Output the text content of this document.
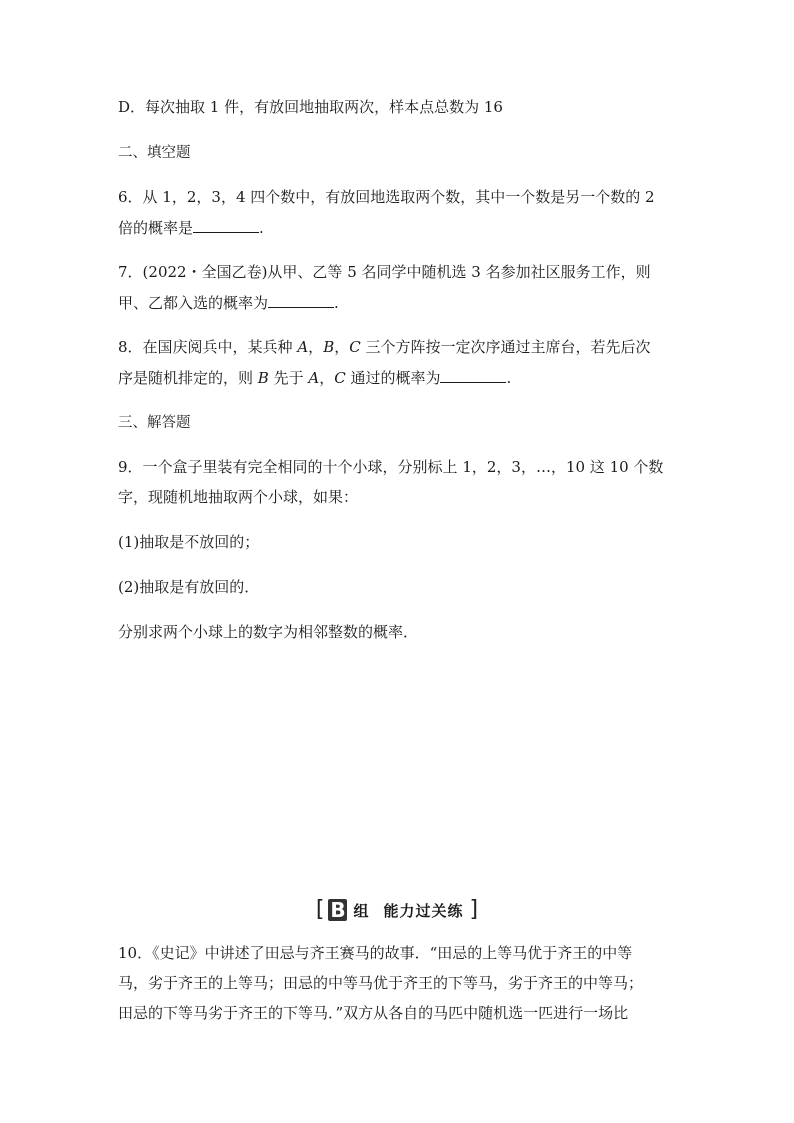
D．每次抽取 1 件，有放回地抽取两次，样本点总数为 16
二、填空题
6．从 1，2，3，4 四个数中，有放回地选取两个数，其中一个数是另一个数的 2
倍的概率是	.
7．(2022・全国乙卷)从甲、乙等 5 名同学中随机选 3 名参加社区服务工作，则
甲、乙都入选的概率为	.
8．在国庆阅兵中，某兵种 A，B，C 三个方阵按一定次序通过主席台，若先后次
序是随机排定的，则 B 先于 A，C 通过的概率为	.
三、解答题
9．一个盒子里装有完全相同的十个小球，分别标上 1，2，3，…，10 这 10 个数
字，现随机地抽取两个小球，如果：
(1)抽取是不放回的；
(2)抽取是有放回的．
分别求两个小球上的数字为相邻整数的概率．
[ B 组 能力过关练 ]
10．《史记》中讲述了田忌与齐王赛马的故事．“田忌的上等马优于齐王的中等
马，劣于齐王的上等马；田忌的中等马优于齐王的下等马，劣于齐王的中等马；
田忌的下等马劣于齐王的下等马．”双方从各自的马匹中随机选一匹进行一场比
